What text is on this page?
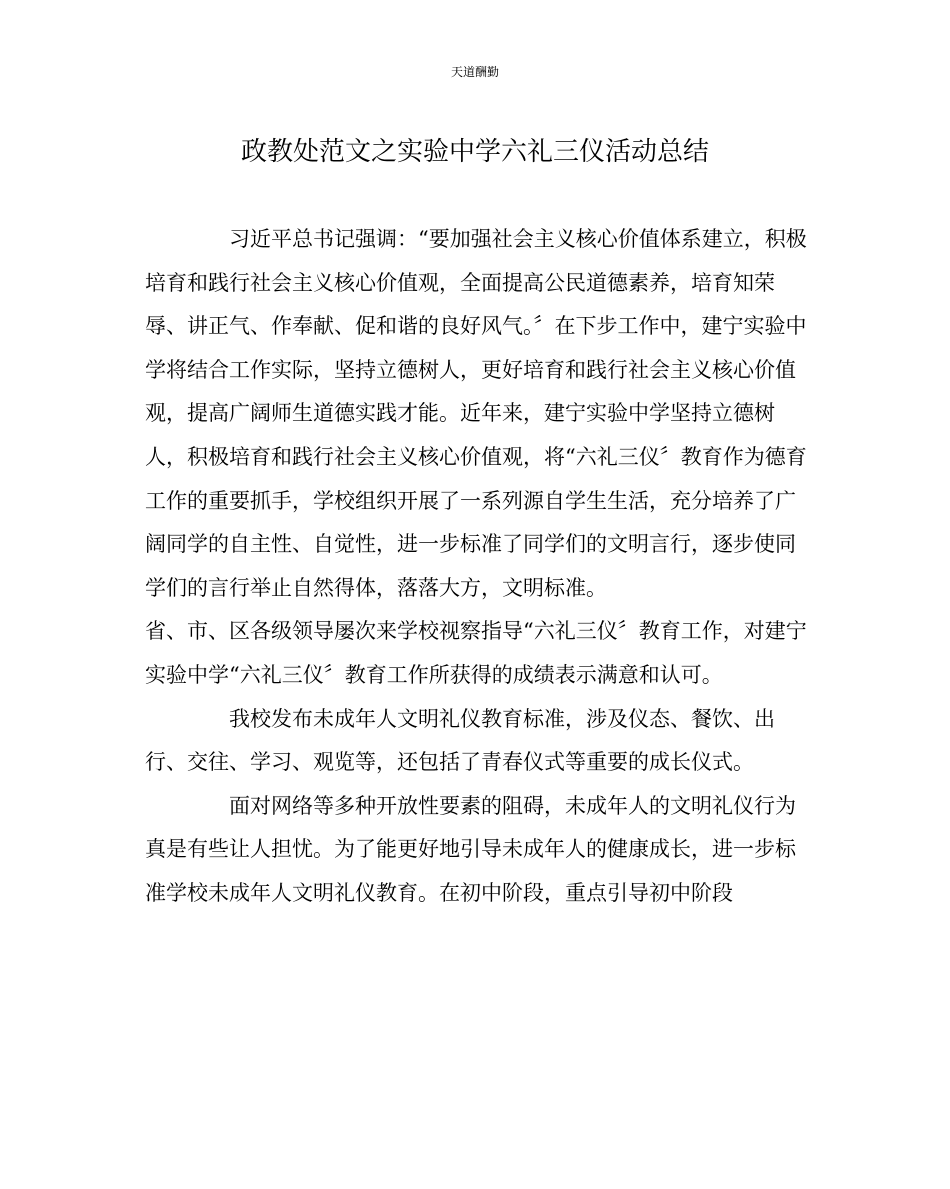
天道酬勤
政教处范文之实验中学六礼三仪活动总结

习近平总书记强调：“要加强社会主义核心价值体系建立，积极培育和践行社会主义核心价值观，全面提高公民道德素养，培育知荣辱、讲正气、作奉献、促和谐的良好风气。〞在下步工作中，建宁实验中学将结合工作实际，坚持立德树人，更好培育和践行社会主义核心价值观，提高广阔师生道德实践才能。近年来，建宁实验中学坚持立德树人，积极培育和践行社会主义核心价值观，将“六礼三仪〞教育作为德育工作的重要抓手，学校组织开展了一系列源自学生生活，充分培养了广阔同学的自主性、自觉性，进一步标准了同学们的文明言行，逐步使同学们的言行举止自然得体，落落大方，文明标准。

省、市、区各级领导屡次来学校视察指导“六礼三仪〞教育工作，对建宁实验中学“六礼三仪〞教育工作所获得的成绩表示满意和认可。

我校发布未成年人文明礼仪教育标准，涉及仪态、餐饮、出行、交往、学习、观览等，还包括了青春仪式等重要的成长仪式。

面对网络等多种开放性要素的阻碍，未成年人的文明礼仪行为真是有些让人担忧。为了能更好地引导未成年人的健康成长，进一步标准学校未成年人文明礼仪教育。在初中阶段，重点引导初中阶段
